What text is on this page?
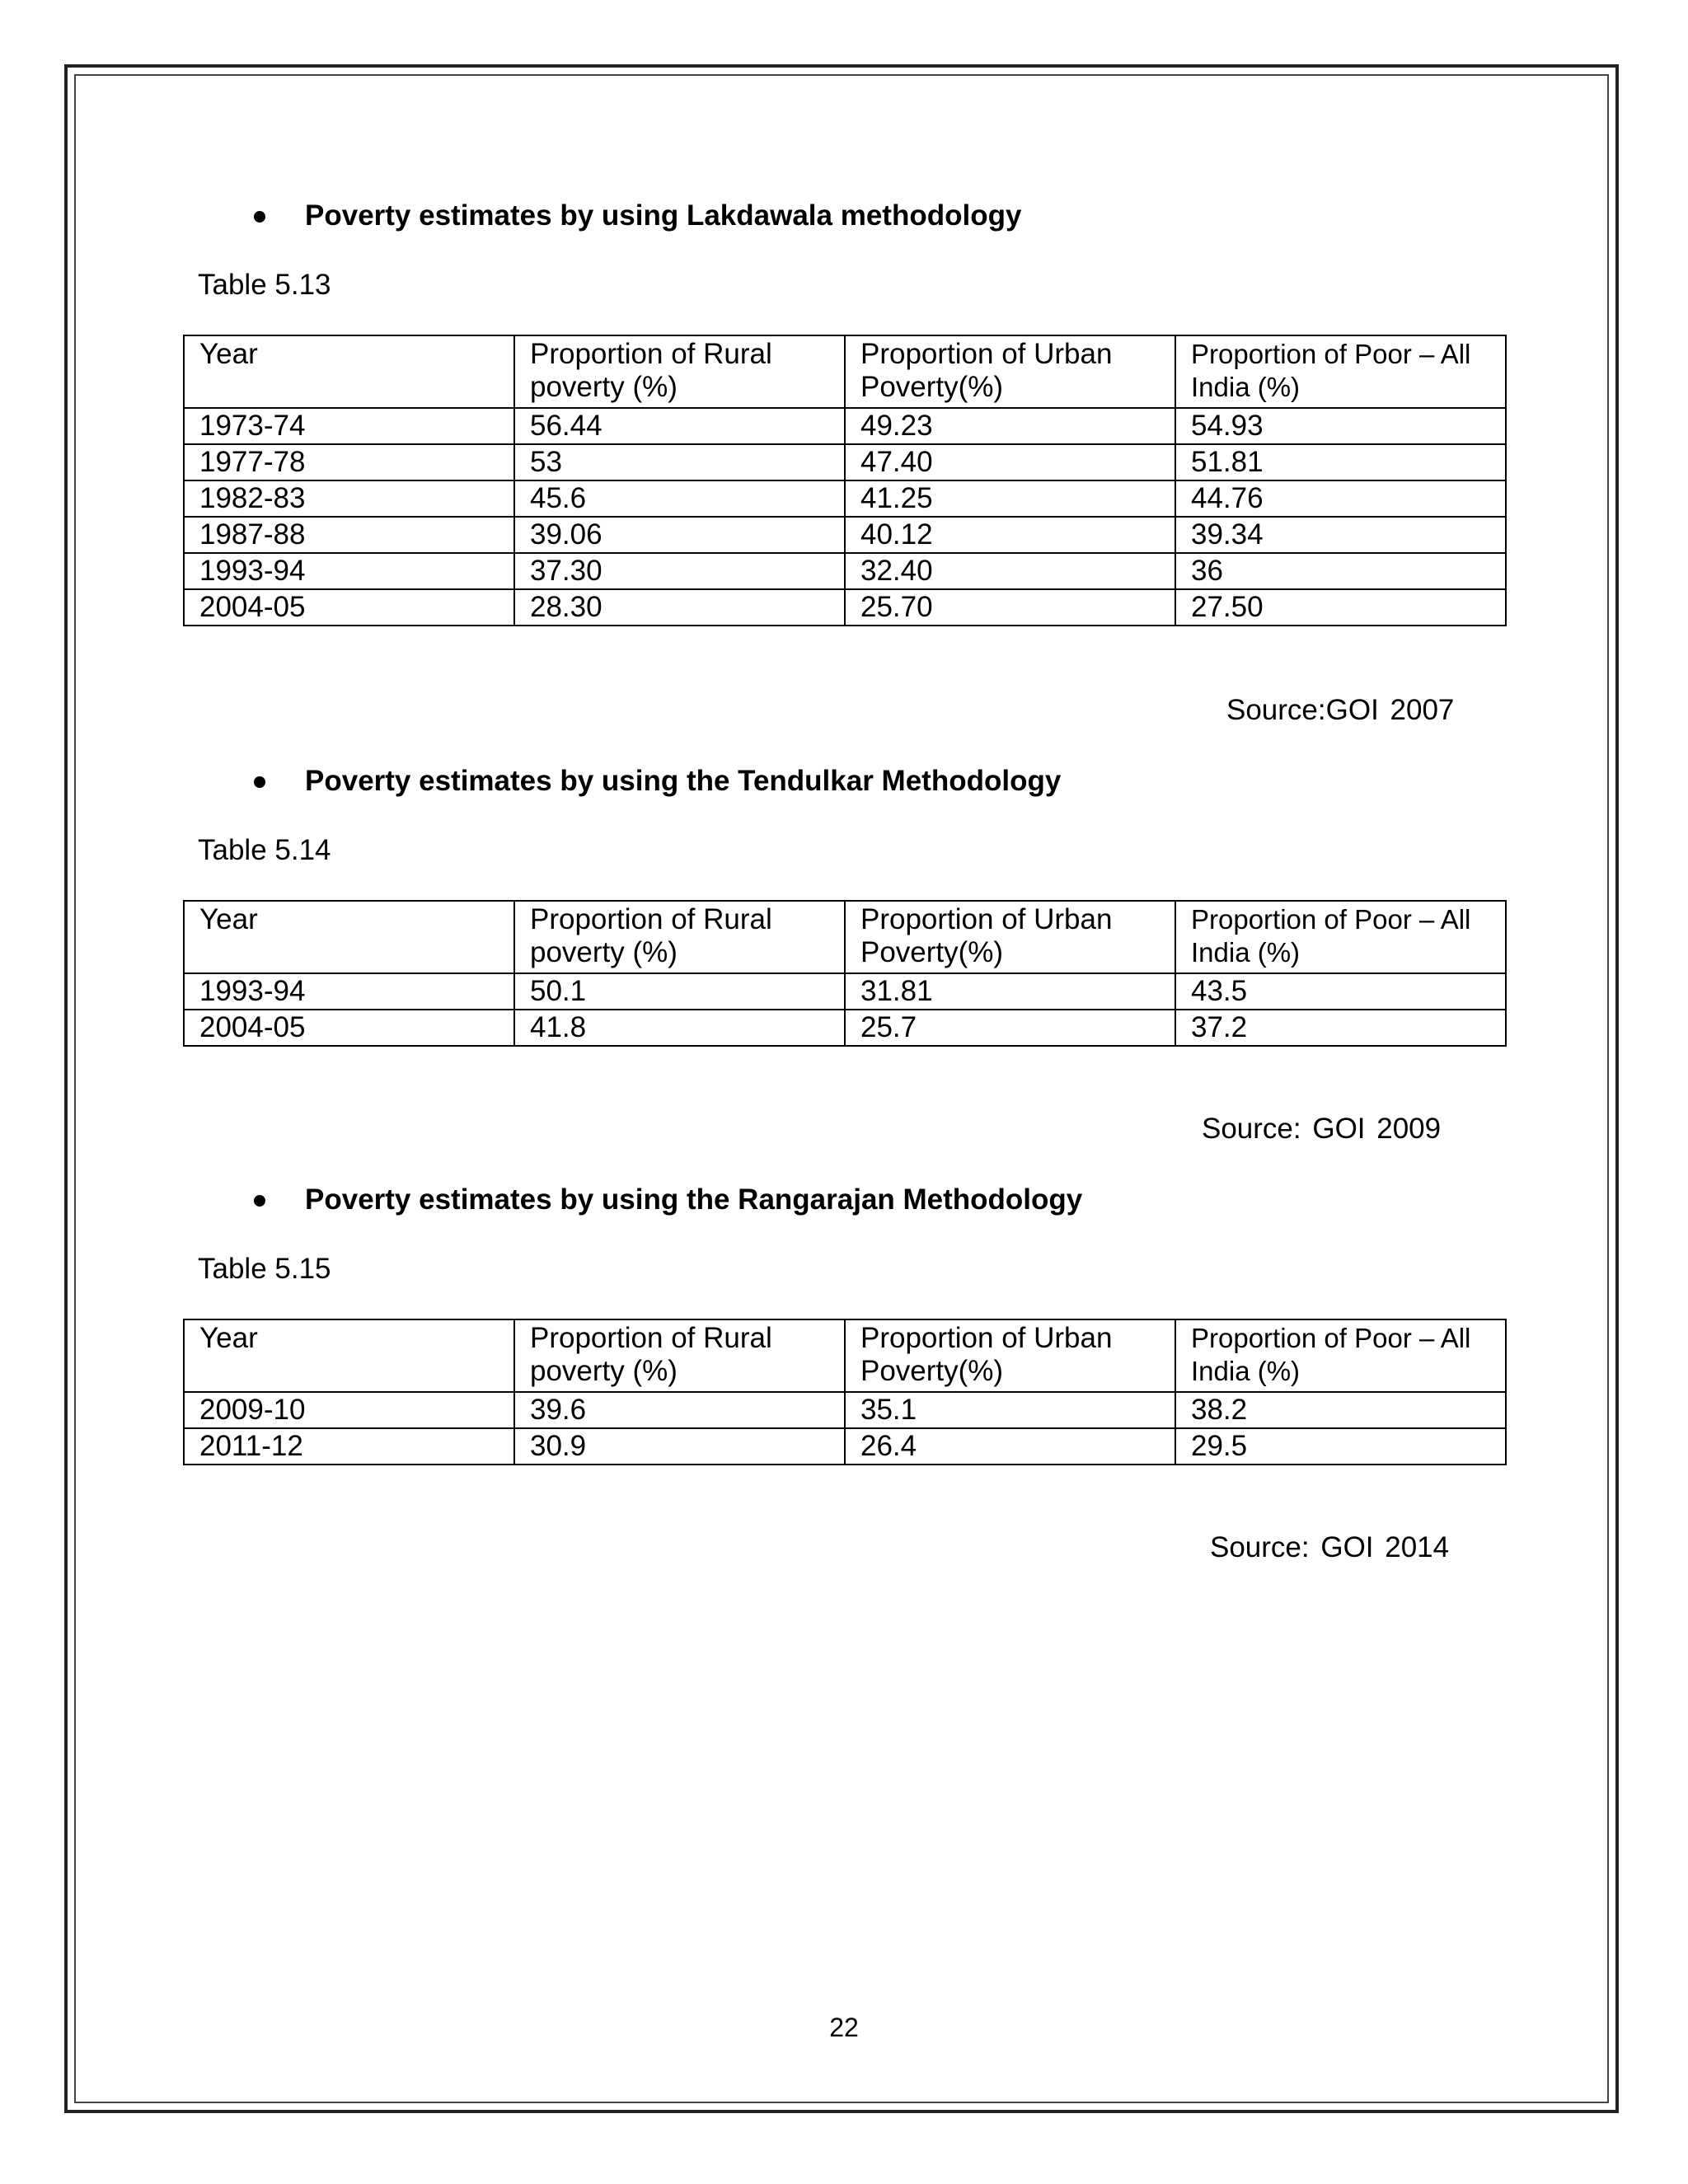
Poverty estimates by using Lakdawala methodology
Table 5.13
Year	Proportion of Rural poverty (%)	Proportion of Urban Poverty(%)	Proportion of Poor – All India (%)
1973-74	56.44	49.23	54.93
1977-78	53	47.40	51.81
1982-83	45.6	41.25	44.76
1987-88	39.06	40.12	39.34
1993-94	37.30	32.40	36
2004-05	28.30	25.70	27.50
Source:GOI 2007
Poverty estimates by using the Tendulkar Methodology
Table 5.14
Year	Proportion of Rural poverty (%)	Proportion of Urban Poverty(%)	Proportion of Poor – All India (%)
1993-94	50.1	31.81	43.5
2004-05	41.8	25.7	37.2
Source: GOI 2009
Poverty estimates by using the Rangarajan Methodology
Table 5.15
Year	Proportion of Rural poverty (%)	Proportion of Urban Poverty(%)	Proportion of Poor – All India (%)
2009-10	39.6	35.1	38.2
2011-12	30.9	26.4	29.5
Source: GOI 2014
22
